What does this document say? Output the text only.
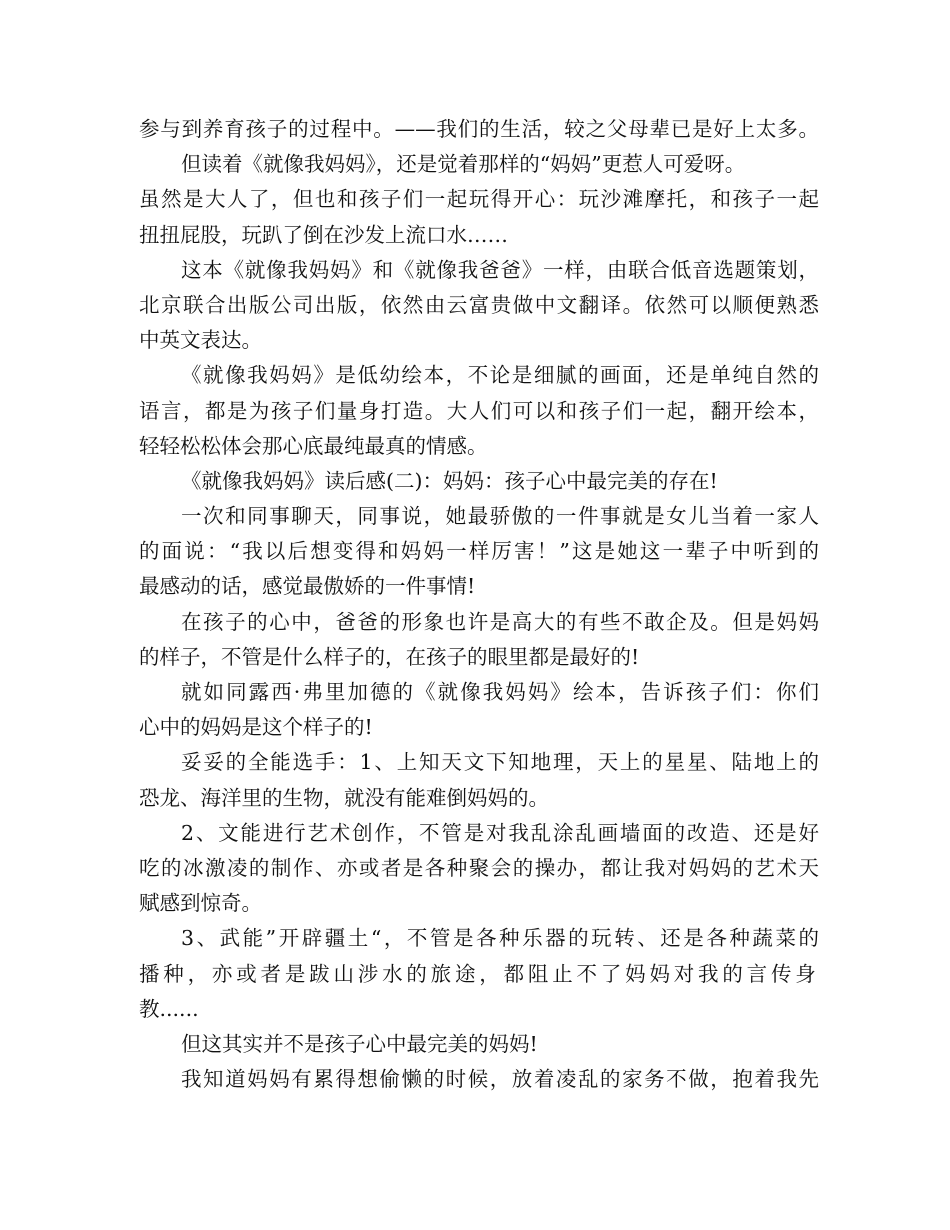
参与到养育孩子的过程中。——我们的生活，较之父母辈已是好上太多。
但读着《就像我妈妈》，还是觉着那样的“妈妈”更惹人可爱呀。
虽然是大人了，但也和孩子们一起玩得开心：玩沙滩摩托，和孩子一起
扭扭屁股，玩趴了倒在沙发上流口水……
这本《就像我妈妈》和《就像我爸爸》一样，由联合低音选题策划，
北京联合出版公司出版，依然由云富贵做中文翻译。依然可以顺便熟悉
中英文表达。
《就像我妈妈》是低幼绘本，不论是细腻的画面，还是单纯自然的
语言，都是为孩子们量身打造。大人们可以和孩子们一起，翻开绘本，
轻轻松松体会那心底最纯最真的情感。
《就像我妈妈》读后感(二)：妈妈：孩子心中最完美的存在!
一次和同事聊天，同事说，她最骄傲的一件事就是女儿当着一家人
的面说：“我以后想变得和妈妈一样厉害！”这是她这一辈子中听到的
最感动的话，感觉最傲娇的一件事情!
在孩子的心中，爸爸的形象也许是高大的有些不敢企及。但是妈妈
的样子，不管是什么样子的，在孩子的眼里都是最好的!
就如同露西·弗里加德的《就像我妈妈》绘本，告诉孩子们：你们
心中的妈妈是这个样子的!
妥妥的全能选手：1、上知天文下知地理，天上的星星、陆地上的
恐龙、海洋里的生物，就没有能难倒妈妈的。
2、文能进行艺术创作，不管是对我乱涂乱画墙面的改造、还是好
吃的冰激凌的制作、亦或者是各种聚会的操办，都让我对妈妈的艺术天
赋感到惊奇。
3、武能”开辟疆土“，不管是各种乐器的玩转、还是各种蔬菜的
播种，亦或者是跋山涉水的旅途，都阻止不了妈妈对我的言传身
教......
但这其实并不是孩子心中最完美的妈妈!
我知道妈妈有累得想偷懒的时候，放着凌乱的家务不做，抱着我先
